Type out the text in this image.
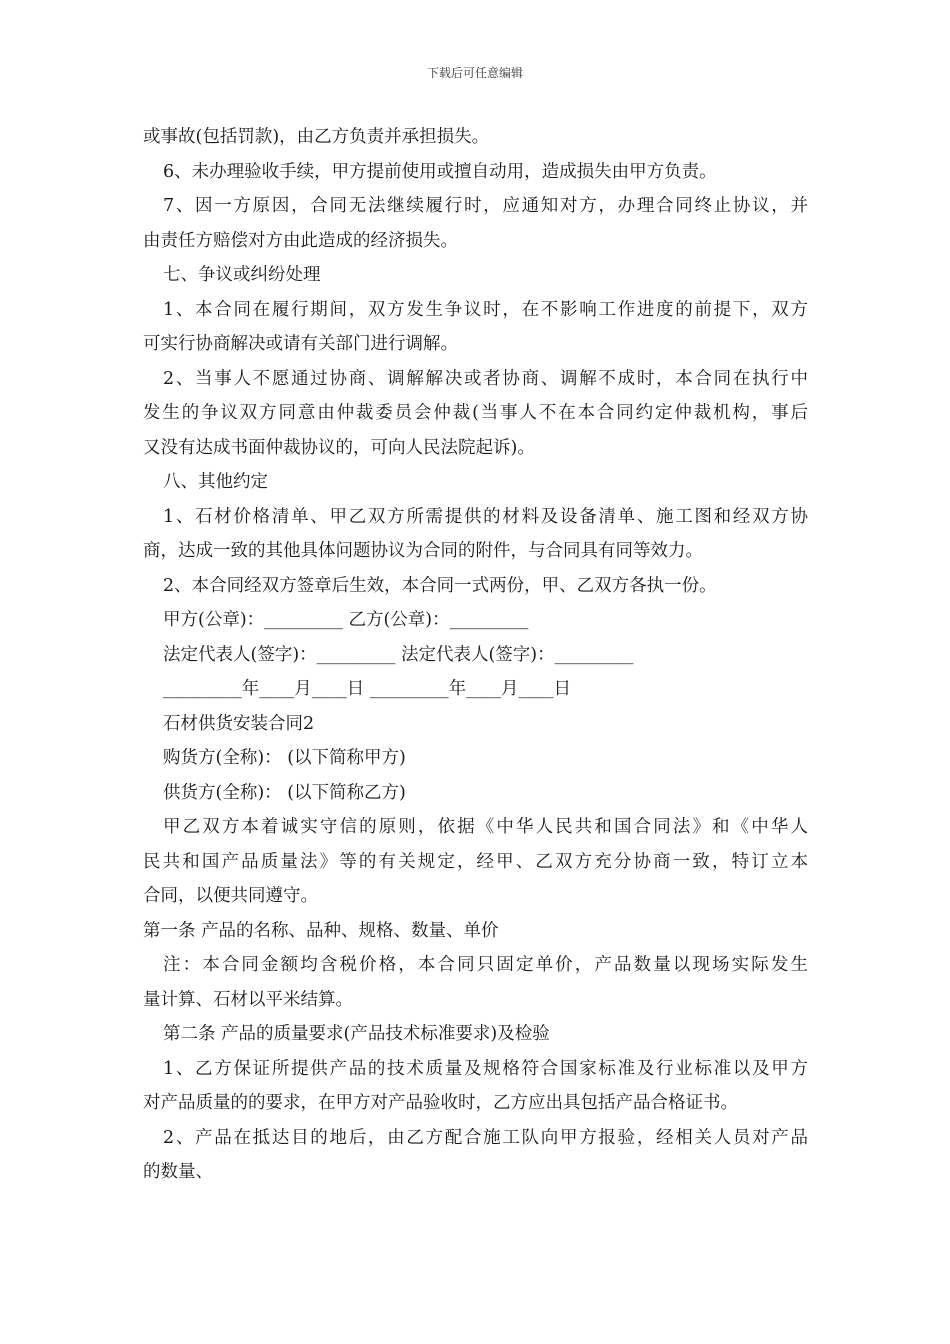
下载后可任意编辑
或事故(包括罚款)，由乙方负责并承担损失。
6、未办理验收手续，甲方提前使用或擅自动用，造成损失由甲方负责。
7、因一方原因，合同无法继续履行时，应通知对方，办理合同终止协议，并
由责任方赔偿对方由此造成的经济损失。
七、争议或纠纷处理
1、本合同在履行期间，双方发生争议时，在不影响工作进度的前提下，双方
可实行协商解决或请有关部门进行调解。
2、当事人不愿通过协商、调解解决或者协商、调解不成时，本合同在执行中
发生的争议双方同意由仲裁委员会仲裁(当事人不在本合同约定仲裁机构，事后
又没有达成书面仲裁协议的，可向人民法院起诉)。
八、其他约定
1、石材价格清单、甲乙双方所需提供的材料及设备清单、施工图和经双方协
商，达成一致的其他具体问题协议为合同的附件，与合同具有同等效力。
2、本合同经双方签章后生效，本合同一式两份，甲、乙双方各执一份。
甲方(公章)：_________ 乙方(公章)：_________
法定代表人(签字)：_________ 法定代表人(签字)：_________
_________年____月____日 _________年____月____日
石材供货安装合同2
购货方(全称)： (以下简称甲方)
供货方(全称)： (以下简称乙方)
甲乙双方本着诚实守信的原则，依据《中华人民共和国合同法》和《中华人
民共和国产品质量法》等的有关规定，经甲、乙双方充分协商一致，特订立本
合同，以便共同遵守。
第一条 产品的名称、品种、规格、数量、单价
注：本合同金额均含税价格，本合同只固定单价，产品数量以现场实际发生
量计算、石材以平米结算。
第二条 产品的质量要求(产品技术标准要求)及检验
1、乙方保证所提供产品的技术质量及规格符合国家标准及行业标准以及甲方
对产品质量的的要求，在甲方对产品验收时，乙方应出具包括产品合格证书。
2、产品在抵达目的地后，由乙方配合施工队向甲方报验，经相关人员对产品
的数量、
